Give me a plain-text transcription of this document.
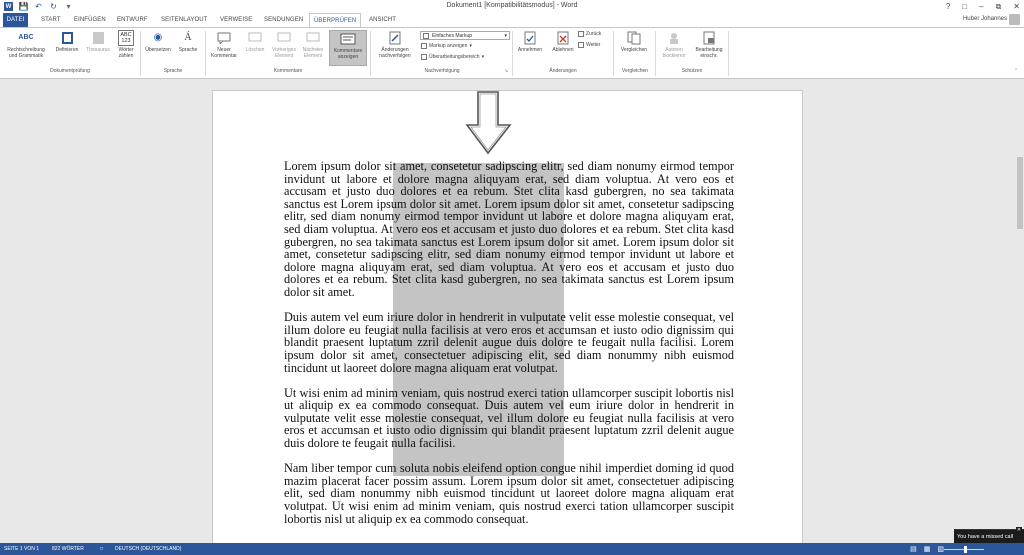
W 💾 ↶ ↻	▾	Dokument1 [Kompatibilitätsmodus] - Word	? □ – ⧉ ✕
DATEI	START	EINFÜGEN	ENTWURF	SEITENLAYOUT	VERWEISE	SENDUNGEN	ÜBERPRÜFEN	ANSICHT	Huber Johannes
ABC

Rechtschreibung und Grammatik
Definieren Thesaurus
ABC 123
Wörter zählen
Dokumentprüfung
◉
Übersetzen
Á
Sprache
Sprache
Neuer Kommentar
Löschen	Vorheriges Element
Nächstes Element
Kommentare anzeigen
Kommentare
Änderungen nachverfolgen
Einfaches Markup	▾
Markup anzeigen ▾
Überarbeitungsbereich ▾
Nachverfolgung	↘
Annehmen Ablehnen
Zurück
Weiter
Änderungen
Vergleichen
Vergleichen
Autoren blockieren
Bearbeitung einschr.
Schützen	⌃

Lorem ipsum dolor sit amet, consetetur sadipscing elitr, sed diam nonumy eirmod tempor invidunt ut labore et dolore magna aliquyam erat, sed diam voluptua. At vero eos et accusam et justo duo dolores et ea rebum. Stet clita kasd gubergren, no sea takimata sanctus est Lorem ipsum dolor sit amet. Lorem ipsum dolor sit amet, consetetur sadipscing elitr, sed diam nonumy eirmod tempor invidunt ut labore et dolore magna aliquyam erat, sed diam voluptua. At vero eos et accusam et justo duo dolores et ea rebum. Stet clita kasd gubergren, no sea takimata sanctus est Lorem ipsum dolor sit amet. Lorem ipsum dolor sit amet, consetetur sadipscing elitr, sed diam nonumy eirmod tempor invidunt ut labore et dolore magna aliquyam erat, sed diam voluptua. At vero eos et accusam et justo duo dolores et ea rebum. Stet clita kasd gubergren, no sea takimata sanctus est Lorem ipsum dolor sit amet.

Duis autem vel eum iriure dolor in hendrerit in vulputate velit esse molestie consequat, vel illum dolore eu feugiat nulla facilisis at vero eros et accumsan et iusto odio dignissim qui blandit praesent luptatum zzril delenit augue duis dolore te feugait nulla facilisi. Lorem ipsum dolor sit amet, consectetuer adipiscing elit, sed diam nonummy nibh euismod tincidunt ut laoreet dolore magna aliquam erat volutpat.

Ut wisi enim ad minim veniam, quis nostrud exerci tation ullamcorper suscipit lobortis nisl ut aliquip ex ea commodo consequat. Duis autem vel eum iriure dolor in hendrerit in vulputate velit esse molestie consequat, vel illum dolore eu feugiat nulla facilisis at vero eros et accumsan et iusto odio dignissim qui blandit praesent luptatum zzril delenit augue duis dolore te feugait nulla facilisi.

Nam liber tempor cum soluta nobis eleifend option congue nihil imperdiet doming id quod mazim placerat facer possim assum. Lorem ipsum dolor sit amet, consectetuer adipiscing elit, sed diam nonummy nibh euismod tincidunt ut laoreet dolore magna aliquam erat volutpat. Ut wisi enim ad minim veniam, quis nostrud exerci tation ullamcorper suscipit lobortis nisl ut aliquip ex ea commodo consequat.

SEITE 1 VON 1	822 WÖRTER	□ DEUTSCH (DEUTSCHLAND)	▤ ▦ ▧
You have a missed call
✕
